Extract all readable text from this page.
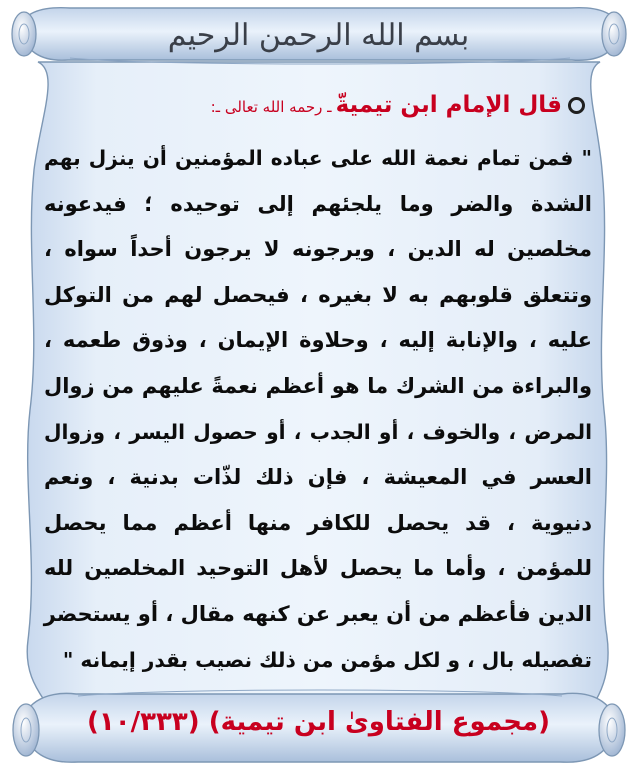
بسم الله الرحمن الرحيم
قال الإمام ابن تيميةّـ رحمه الله تعالى ـ:
" فمن تمام نعمة الله على عباده المؤمنين أن ينزل بهم
الشدة والضر وما يلجئهم إلى توحيده ؛ فيدعونه
مخلصين له الدين ، ويرجونه لا يرجون أحداً سواه ،
وتتعلق قلوبهم به لا بغيره ، فيحصل لهم من التوكل
عليه ، والإنابة إليه ، وحلاوة الإيمان ، وذوق طعمه ،
والبراءة من الشرك ما هو أعظم نعمةً عليهم من زوال
المرض ، والخوف ، أو الجدب ، أو حصول اليسر ، وزوال
العسر في المعيشة ، فإن ذلك لذّات بدنية ، ونعم
دنيوية ، قد يحصل للكافر منها أعظم مما يحصل
للمؤمن ، وأما ما يحصل لأهل التوحيد المخلصين لله
الدين فأعظم من أن يعبر عن كنهه مقال ، أو يستحضر
تفصيله بال ، و لكل مؤمن من ذلك نصيب بقدر إيمانه "
(مجموع الفتاوىٰ ابن تيمية) (١٠/٣٣٣)
